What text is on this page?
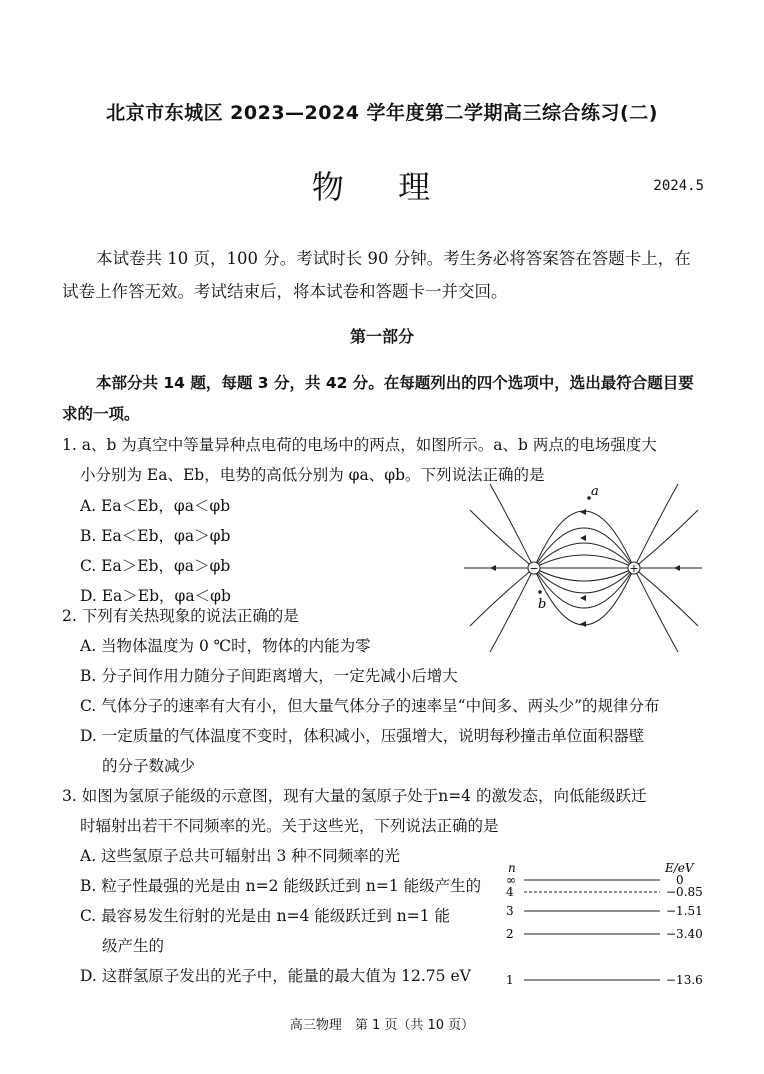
北京市东城区 2023—2024 学年度第二学期高三综合练习(二)
物 理	2024.5
本试卷共 10 页，100 分。考试时长 90 分钟。考生务必将答案答在答题卡上，在试卷上作答无效。考试结束后，将本试卷和答题卡一并交回。
第一部分
本部分共 14 题，每题 3 分，共 42 分。在每题列出的四个选项中，选出最符合题目要求的一项。
1. a、b 为真空中等量异种点电荷的电场中的两点，如图所示。a、b 两点的电场强度大
小分别为 Ea、Eb，电势的高低分别为 φa、φb。下列说法正确的是
A. Ea＜Eb，φa＜φb
B. Ea＜Eb，φa＞φb
C. Ea＞Eb，φa＞φb
D. Ea＞Eb，φa＜φb
−	+
a
b
2. 下列有关热现象的说法正确的是
A. 当物体温度为 0 ℃时，物体的内能为零
B. 分子间作用力随分子间距离增大，一定先减小后增大
C. 气体分子的速率有大有小，但大量气体分子的速率呈“中间多、两头少”的规律分布
D. 一定质量的气体温度不变时，体积减小，压强增大，说明每秒撞击单位面积器壁
的分子数减少
3. 如图为氢原子能级的示意图，现有大量的氢原子处于n=4 的激发态，向低能级跃迁
时辐射出若干不同频率的光。关于这些光，下列说法正确的是
A. 这些氢原子总共可辐射出 3 种不同频率的光
B. 粒子性最强的光是由 n=2 能级跃迁到 n=1 能级产生的
C. 最容易发生衍射的光是由 n=4 能级跃迁到 n=1 能
级产生的
D. 这群氢原子发出的光子中，能量的最大值为 12.75 eV
n	E/eV
∞	0
4	−0.85
3	−1.51
2	−3.40
1	−13.6
高三物理　第 1 页（共 10 页）
